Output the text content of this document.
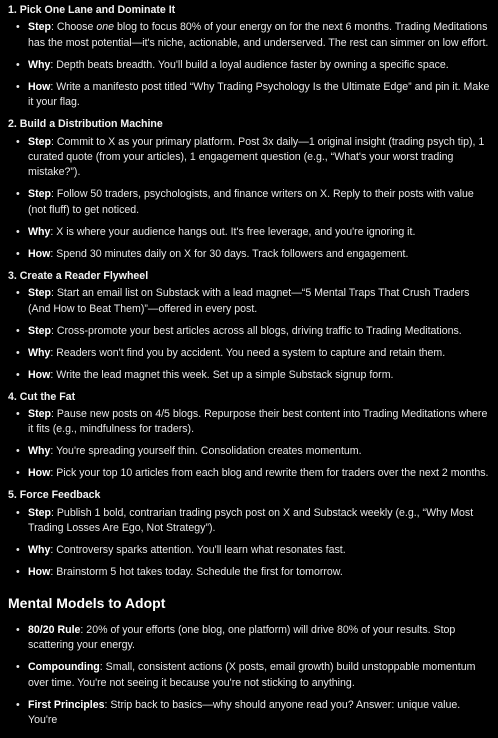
1. Pick One Lane and Dominate It
• Step: Choose one blog to focus 80% of your energy on for the next 6 months. Trading Meditations has the most potential—it's niche, actionable, and underserved. The rest can simmer on low effort.
• Why: Depth beats breadth. You'll build a loyal audience faster by owning a specific space.
• How: Write a manifesto post titled “Why Trading Psychology Is the Ultimate Edge” and pin it. Make it your flag.
2. Build a Distribution Machine
• Step: Commit to X as your primary platform. Post 3x daily—1 original insight (trading psych tip), 1 curated quote (from your articles), 1 engagement question (e.g., “What's your worst trading mistake?”).
• Step: Follow 50 traders, psychologists, and finance writers on X. Reply to their posts with value (not fluff) to get noticed.
• Why: X is where your audience hangs out. It's free leverage, and you're ignoring it.
• How: Spend 30 minutes daily on X for 30 days. Track followers and engagement.
3. Create a Reader Flywheel
• Step: Start an email list on Substack with a lead magnet—“5 Mental Traps That Crush Traders (And How to Beat Them)”—offered in every post.
• Step: Cross-promote your best articles across all blogs, driving traffic to Trading Meditations.
• Why: Readers won't find you by accident. You need a system to capture and retain them.
• How: Write the lead magnet this week. Set up a simple Substack signup form.
4. Cut the Fat
• Step: Pause new posts on 4/5 blogs. Repurpose their best content into Trading Meditations where it fits (e.g., mindfulness for traders).
• Why: You're spreading yourself thin. Consolidation creates momentum.
• How: Pick your top 10 articles from each blog and rewrite them for traders over the next 2 months.
5. Force Feedback
• Step: Publish 1 bold, contrarian trading psych post on X and Substack weekly (e.g., “Why Most Trading Losses Are Ego, Not Strategy”).
• Why: Controversy sparks attention. You'll learn what resonates fast.
• How: Brainstorm 5 hot takes today. Schedule the first for tomorrow.
Mental Models to Adopt
• 80/20 Rule: 20% of your efforts (one blog, one platform) will drive 80% of your results. Stop scattering your energy.
• Compounding: Small, consistent actions (X posts, email growth) build unstoppable momentum over time. You're not seeing it because you're not sticking to anything.
• First Principles: Strip back to basics—why should anyone read you? Answer: unique value. You're
